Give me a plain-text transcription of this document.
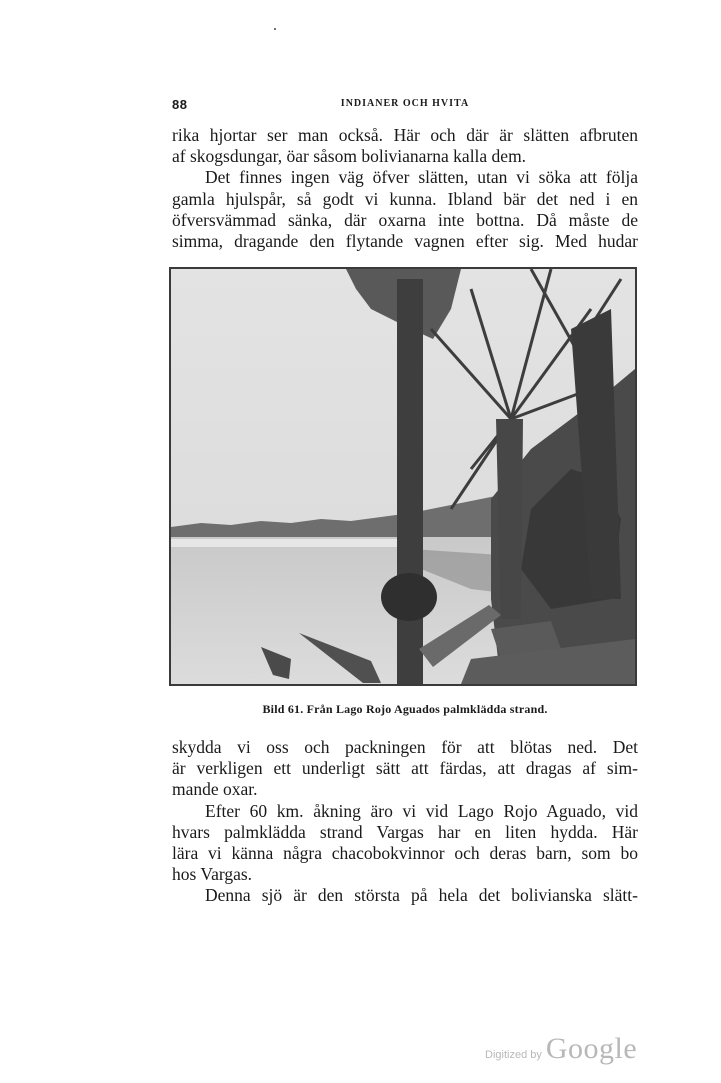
88	INDIANER OCH HVITA
rika hjortar ser man också. Här och där är slätten afbruten
af skogsdungar, öar såsom bolivianarna kalla dem.
Det finnes ingen väg öfver slätten, utan vi söka att följa
gamla hjulspår, så godt vi kunna. Ibland bär det ned i en
öfversvämmad sänka, där oxarna inte bottna. Då måste de
simma, dragande den flytande vagnen efter sig. Med hudar
Bild 61. Från Lago Rojo Aguados palmklädda strand.
skydda vi oss och packningen för att blötas ned. Det
är verkligen ett underligt sätt att färdas, att dragas af sim-
mande oxar.
Efter 60 km. åkning äro vi vid Lago Rojo Aguado, vid
hvars palmklädda strand Vargas har en liten hydda. Här
lära vi känna några chacobokvinnor och deras barn, som bo
hos Vargas.
Denna sjö är den största på hela det bolivianska slätt-
Digitized by Google
